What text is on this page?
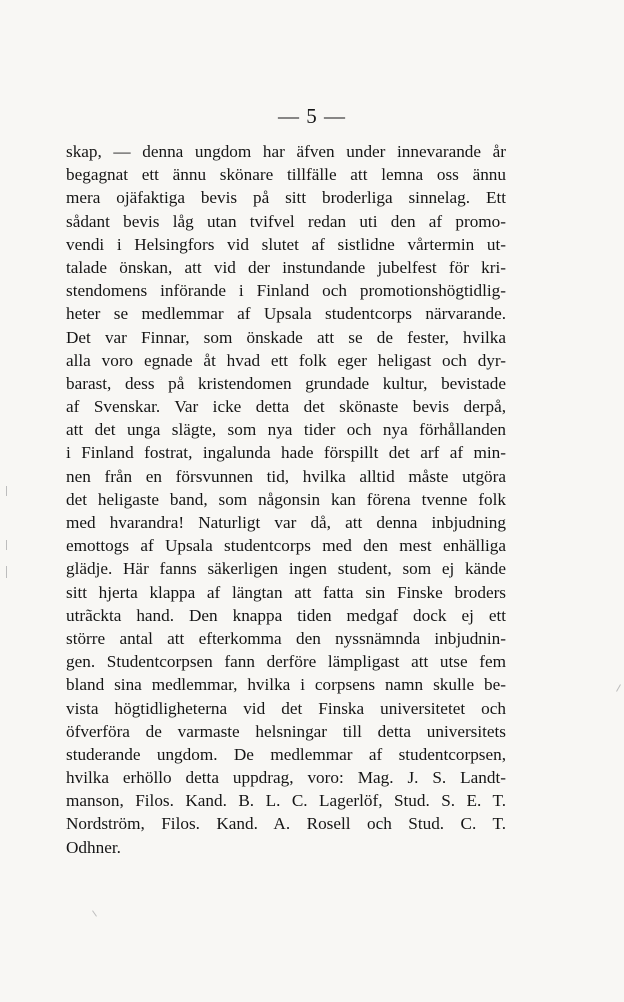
— 5 —
skap, — denna ungdom har äfven under innevarande år
begagnat ett ännu skönare tillfälle att lemna oss ännu
mera ojäfaktiga bevis på sitt broderliga sinnelag. Ett
sådant bevis låg utan tvifvel redan uti den af promo-
vendi i Helsingfors vid slutet af sistlidne vårtermin ut-
talade önskan, att vid der instundande jubelfest för kri-
stendomens införande i Finland och promotionshögtidlig-
heter se medlemmar af Upsala studentcorps närvarande.
Det var Finnar, som önskade att se de fester, hvilka
alla voro egnade åt hvad ett folk eger heligast och dyr-
barast, dess på kristendomen grundade kultur, bevistade
af Svenskar. Var icke detta det skönaste bevis derpå,
att det unga slägte, som nya tider och nya förhållanden
i Finland fostrat, ingalunda hade förspillt det arf af min-
nen från en försvunnen tid, hvilka alltid måste utgöra
det heligaste band, som någonsin kan förena tvenne folk
med hvarandra! Naturligt var då, att denna inbjudning
emottogs af Upsala studentcorps med den mest enhälliga
glädje. Här fanns säkerligen ingen student, som ej kände
sitt hjerta klappa af längtan att fatta sin Finske broders
utrãckta hand. Den knappa tiden medgaf dock ej ett
större antal att efterkomma den nyssnämnda inbjudnin-
gen. Studentcorpsen fann derföre lämpligast att utse fem
bland sina medlemmar, hvilka i corpsens namn skulle be-
vista högtidligheterna vid det Finska universitetet och
öfverföra de varmaste helsningar till detta universitets
studerande ungdom. De medlemmar af studentcorpsen,
hvilka erhöllo detta uppdrag, voro: Mag. J. S. Landt-
manson, Filos. Kand. B. L. C. Lagerlöf, Stud. S. E. T.
Nordström, Filos. Kand. A. Rosell och Stud. C. T.
Odhner.
